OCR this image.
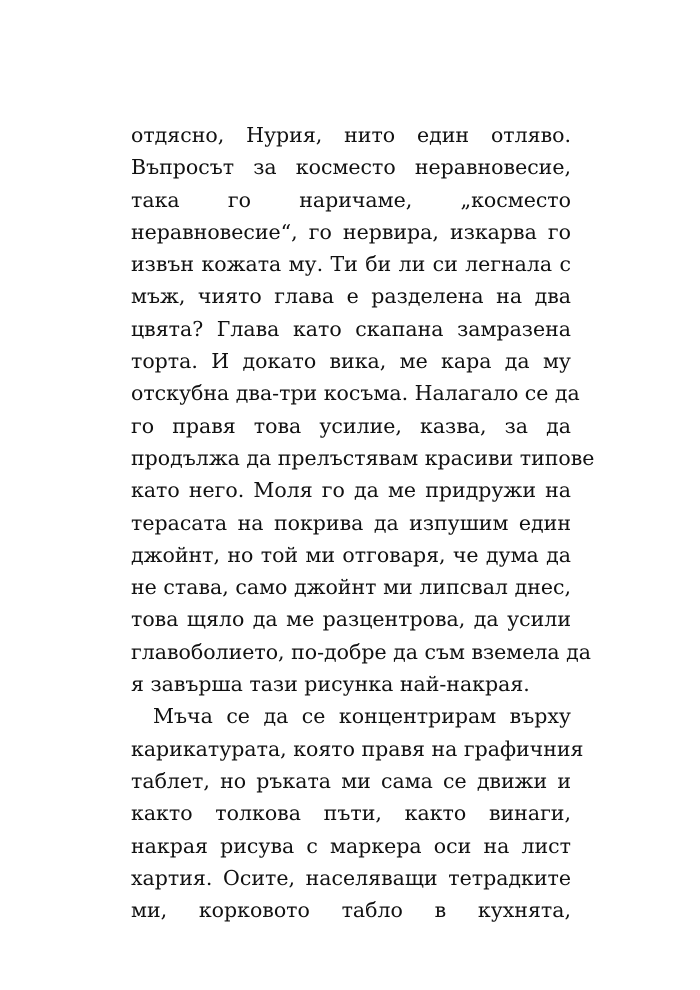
отдясно, Нурия, нито един отляво.
Въпросът за косместо неравновесие,
така го наричаме, „косместо
неравновесие“, го нервира, изкарва го
извън кожата му. Ти би ли си легнала с
мъж, чиято глава е разделена на два
цвята? Глава като скапана замразена
торта. И докато вика, ме кара да му
отскубна два-три косъма. Налагало се да
го правя това усилие, казва, за да
продължа да прелъстявам красиви типове
като него. Моля го да ме придружи на
терасата на покрива да изпушим един
джойнт, но той ми отговаря, че дума да
не става, само джойнт ми липсвал днес,
това щяло да ме разцентрова, да усили
главоболието, по-добре да съм вземела да
я завърша тази рисунка най-накрая.
Мъча се да се концентрирам върху
карикатурата, която правя на графичния
таблет, но ръката ми сама се движи и
както толкова пъти, както винаги,
накрая рисува с маркера оси на лист
хартия. Осите, населяващи тетрадките
ми, корковото табло в кухнята,
